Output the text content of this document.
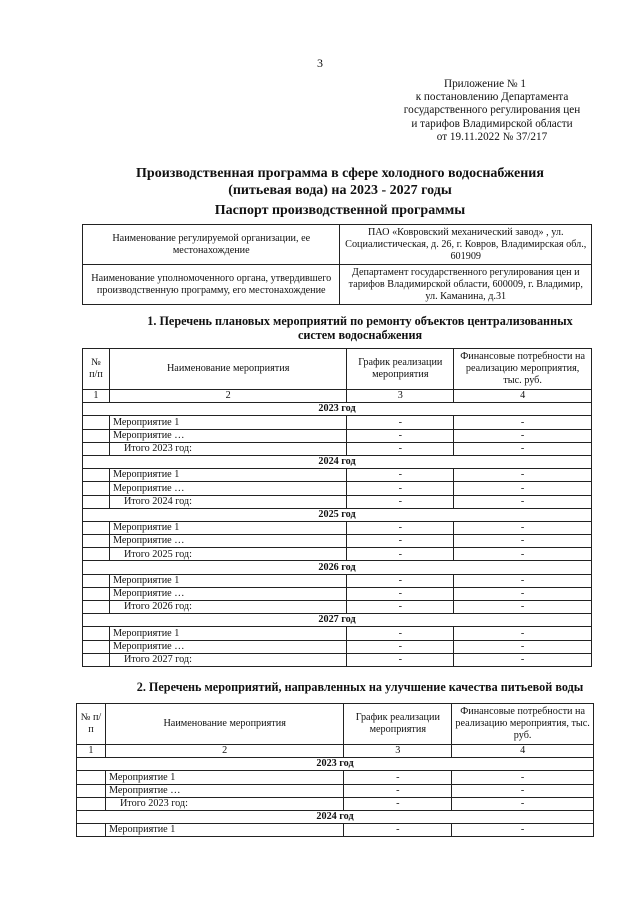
3
Приложение № 1
к постановлению Департамента
государственного регулирования цен
и тарифов Владимирской области
от 19.11.2022 № 37/217
Производственная программа в сфере холодного водоснабжения
(питьевая вода) на 2023 - 2027 годы
Паспорт производственной программы
Наименование регулируемой организации, ее местонахождение	ПАО «Ковровский механический завод» , ул. Социалистическая, д. 26, г. Ковров, Владимирская обл., 601909
Наименование уполномоченного органа, утвердившего производственную программу, его местонахождение	Департамент государственного регулирования цен и тарифов Владимирской области, 600009, г. Владимир, ул. Каманина, д.31
1. Перечень плановых мероприятий по ремонту объектов централизованных
систем водоснабжения
№ п/п	Наименование мероприятия	График реализации мероприятия	Финансовые потребности на реализацию мероприятия, тыс. руб.
1	2	3	4
2023 год			
	Мероприятие 1	-	-
	Мероприятие …	-	-
	Итого 2023 год:	-	-
2024 год			
	Мероприятие 1	-	-
	Мероприятие …	-	-
	Итого 2024 год:	-	-
2025 год			
	Мероприятие 1	-	-
	Мероприятие …	-	-
	Итого 2025 год:	-	-
2026 год			
	Мероприятие 1	-	-
	Мероприятие …	-	-
	Итого 2026 год:	-	-
2027 год			
	Мероприятие 1	-	-
	Мероприятие …	-	-
	Итого 2027 год:	-	-
2. Перечень мероприятий, направленных на улучшение качества питьевой воды
№ п/п	Наименование мероприятия	График реализации мероприятия	Финансовые потребности на реализацию мероприятия, тыс. руб.
1	2	3	4
2023 год			
	Мероприятие 1	-	-
	Мероприятие …	-	-
	Итого 2023 год:	-	-
2024 год			
	Мероприятие 1	-	-
